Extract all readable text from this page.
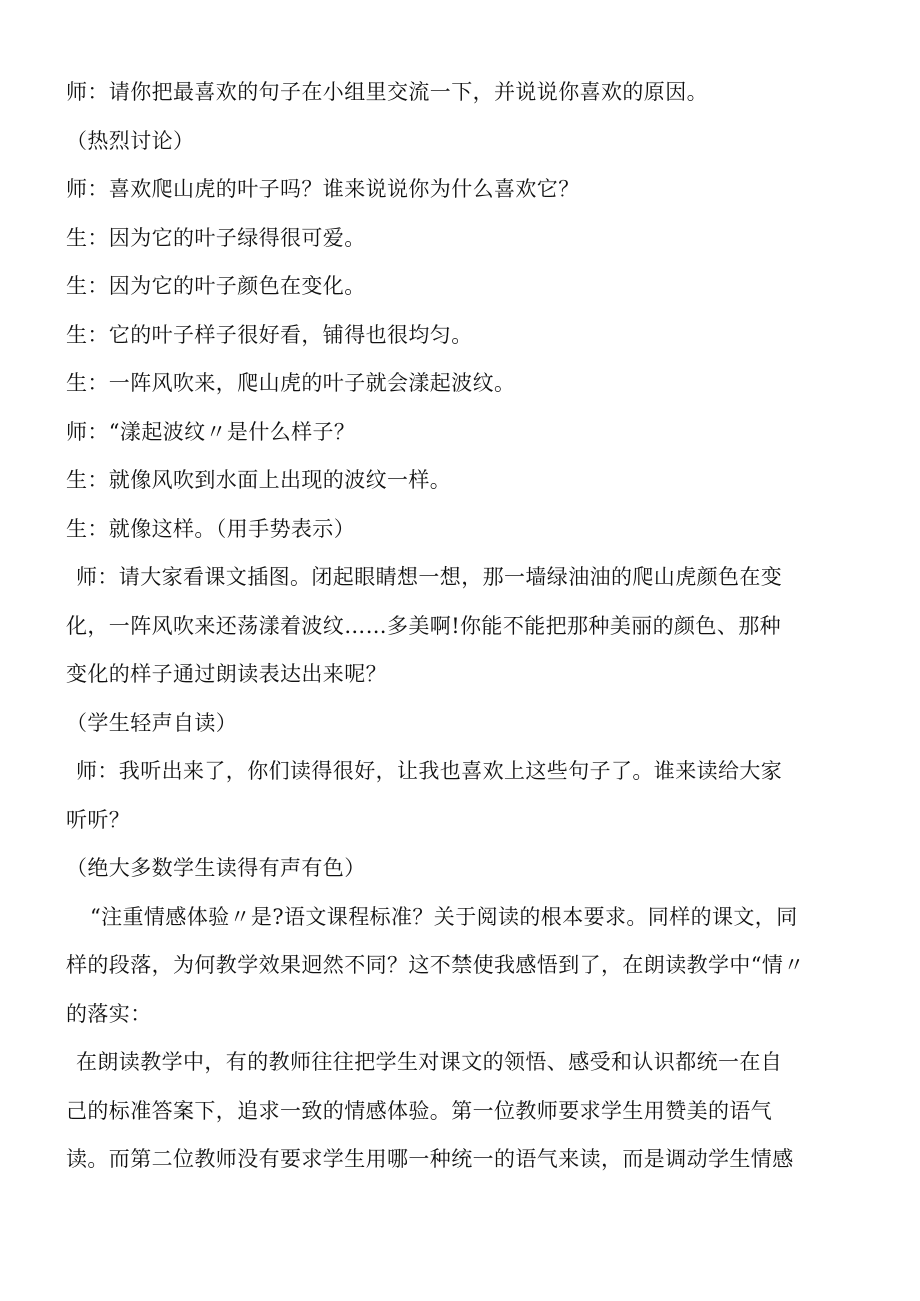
师：请你把最喜欢的句子在小组里交流一下，并说说你喜欢的原因。
（热烈讨论）
师：喜欢爬山虎的叶子吗？谁来说说你为什么喜欢它？
生：因为它的叶子绿得很可爱。
生：因为它的叶子颜色在变化。
生：它的叶子样子很好看，铺得也很均匀。
生：一阵风吹来，爬山虎的叶子就会漾起波纹。
师：“漾起波纹〃是什么样子？
生：就像风吹到水面上出现的波纹一样。
生：就像这样。（用手势表示）
师：请大家看课文插图。闭起眼睛想一想，那一墙绿油油的爬山虎颜色在变
化，一阵风吹来还荡漾着波纹……多美啊!你能不能把那种美丽的颜色、那种
变化的样子通过朗读表达出来呢？
（学生轻声自读）
师：我听出来了，你们读得很好，让我也喜欢上这些句子了。谁来读给大家
听听？
（绝大多数学生读得有声有色）
“注重情感体验〃是?语文课程标准？关于阅读的根本要求。同样的课文，同
样的段落，为何教学效果迥然不同？这不禁使我感悟到了，在朗读教学中“情〃
的落实：
在朗读教学中，有的教师往往把学生对课文的领悟、感受和认识都统一在自
己的标准答案下，追求一致的情感体验。第一位教师要求学生用赞美的语气
读。而第二位教师没有要求学生用哪一种统一的语气来读，而是调动学生情感
